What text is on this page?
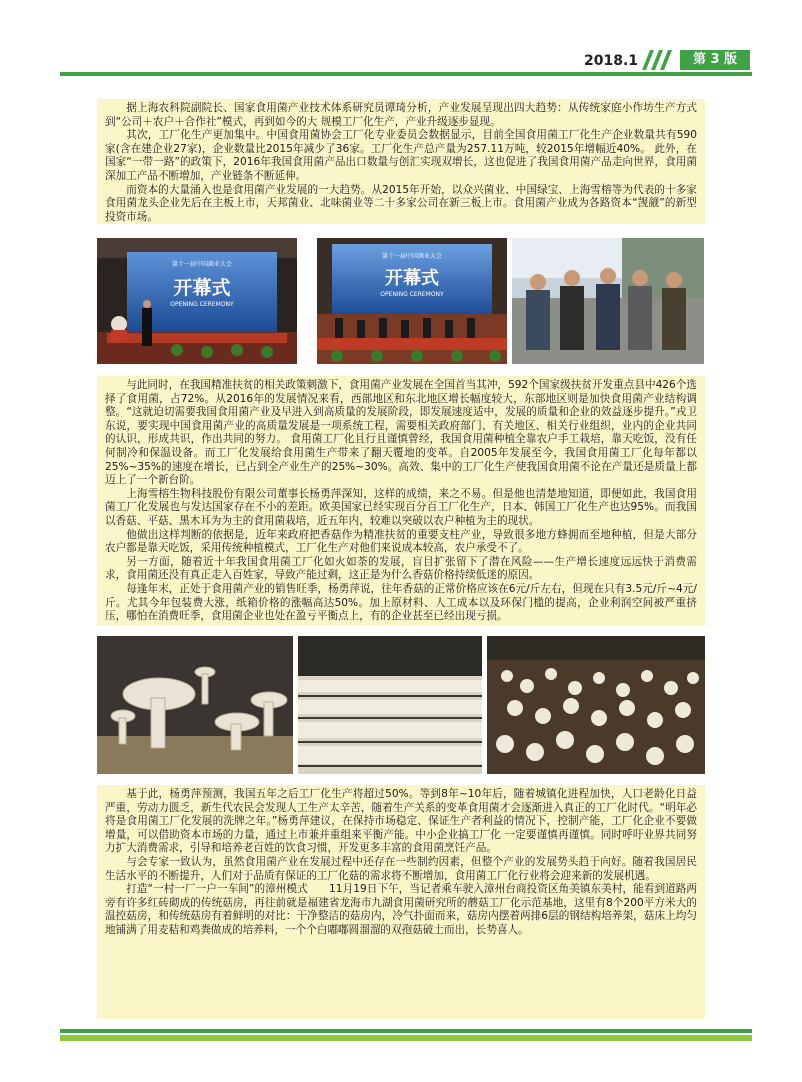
2018.1	第 3 版

据上海农科院副院长、国家食用菌产业技术体系研究员谭琦分析，产业发展呈现出四大趋势：从传统家庭小作坊生产方式到“公司＋农户＋合作社”模式，再到如今的大 规模工厂化生产，产业升级逐步显现。

其次，工厂化生产更加集中。中国食用菌协会工厂化专业委员会数据显示，目前全国食用菌工厂化生产企业数量共有590家(含在建企业27家)，企业数量比2015年减少了36家。工厂化生产总产量为257.11万吨，较2015年增幅近40%。 此外，在国家“一带一路”的政策下，2016年我国食用菌产品出口数量与创汇实现双增长，这也促进了我国食用菌产品走向世界，食用菌深加工产品不断增加，产业链条不断延伸。

而资本的大量涌入也是食用菌产业发展的一大趋势。从2015年开始，以众兴菌业、中国绿宝、上海雪榕等为代表的十多家食用菌龙头企业先后在主板上市，天邦菌业、北味菌业等二十多家公司在新三板上市。食用菌产业成为各路资本“觊觎”的新型投资市场。

第十一届中国菌业大会
开幕式
OPENING CEREMONY
第十一届中国菌业大会
开幕式
OPENING CEREMONY

与此同时，在我国精准扶贫的相关政策刺激下，食用菌产业发展在全国首当其冲，592个国家级扶贫开发重点县中426个选择了食用菌，占72%。从2016年的发展情况来看，西部地区和东北地区增长幅度较大，东部地区则是加快食用菌产业结构调整。“这就迫切需要我国食用菌产业及早进入到高质量的发展阶段，即发展速度适中，发展的质量和企业的效益逐步提升。”戎卫东说，要实现中国食用菌产业的高质量发展是一项系统工程，需要相关政府部门、有关地区、相关行业组织，业内的企业共同的认识，形成共识，作出共同的努力。 食用菌工厂化且行且谨慎曾经，我国食用菌种植全靠农户手工栽培，靠天吃饭，没有任何制冷和保温设备。而工厂化发展给食用菌生产带来了翻天覆地的变革。自2005年发展至今，我国食用菌工厂化每年都以25%~35%的速度在增长，已占到全产业生产的25%~30%。高效、集中的工厂化生产使我国食用菌不论在产量还是质量上都迈上了一个新台阶。

上海雪榕生物科技股份有限公司董事长杨勇萍深知，这样的成绩，来之不易。但是他也清楚地知道，即便如此，我国食用菌工厂化发展也与发达国家存在不小的差距。欧美国家已经实现百分百工厂化生产，日本、韩国工厂化生产也达95%。而我国以香菇、平菇、黑木耳为为主的食用菌栽培，近五年内，较难以突破以农户种植为主的现状。

他做出这样判断的依据是，近年来政府把香菇作为精准扶贫的重要支柱产业，导致很多地方蜂拥而至地种植，但是大部分农户都是靠天吃饭，采用传统种植模式，工厂化生产对他们来说成本较高，农户承受不了。

另一方面，随着近十年我国食用菌工厂化如火如荼的发展，盲目扩张留下了潜在风险——生产增长速度远远快于消费需求，食用菌还没有真正走入百姓家，导致产能过剩，这正是为什么香菇价格持续低迷的原因。

每逢年末，正处于食用菌产业的销售旺季，杨勇萍说，往年香菇的正常价格应该在6元/斤左右，但现在只有3.5元/斤~4元/斤。尤其今年包装费大涨，纸箱价格的涨幅高达50%。加上原材料、人工成本以及环保门槛的提高，企业利润空间被严重挤压，哪怕在消费旺季，食用菌企业也处在盈亏平衡点上，有的企业甚至已经出现亏损。

基于此，杨勇萍预测，我国五年之后工厂化生产将超过50%。等到8年~10年后，随着城镇化进程加快，人口老龄化日益严重，劳动力匮乏，新生代农民会发现人工生产太辛苦，随着生产关系的变革食用菌才会逐渐进入真正的工厂化时代。“明年必将是食用菌工厂化发展的洗牌之年。”杨勇萍建议，在保持市场稳定、保证生产者利益的情况下，控制产能，工厂化企业不要做增量，可以借助资本市场的力量，通过上市兼并重组来平衡产能。中小企业搞工厂化 一定要谨慎再谨慎。同时呼吁业界共同努力扩大消费需求，引导和培养老百姓的饮食习惯，开发更多丰富的食用菌烹饪产品。

与会专家一致认为，虽然食用菌产业在发展过程中还存在一些制约因素，但整个产业的发展势头趋于向好。随着我国居民生活水平的不断提升，人们对于品质有保证的工厂化菇的需求将不断增加，食用菌工厂化行业将会迎来新的发展机遇。

打造“一村一厂一户一车间”的漳州模式　　11月19日下午，当记者乘车驶入漳州台商投资区角美镇东美村，能看到道路两旁有许多红砖砌成的传统菇房，再往前就是福建省龙海市九湖食用菌研究所的蘑菇工厂化示范基地，这里有8个200平方米大的温控菇房，和传统菇房有着鲜明的对比：干净整洁的菇房内，冷气扑面而来，菇房内摆着两排6层的钢结构培养架，菇床上均匀地铺满了用麦秸和鸡粪做成的培养料，一个个白嘟嘟圆溜溜的双孢菇破土而出，长势喜人。
